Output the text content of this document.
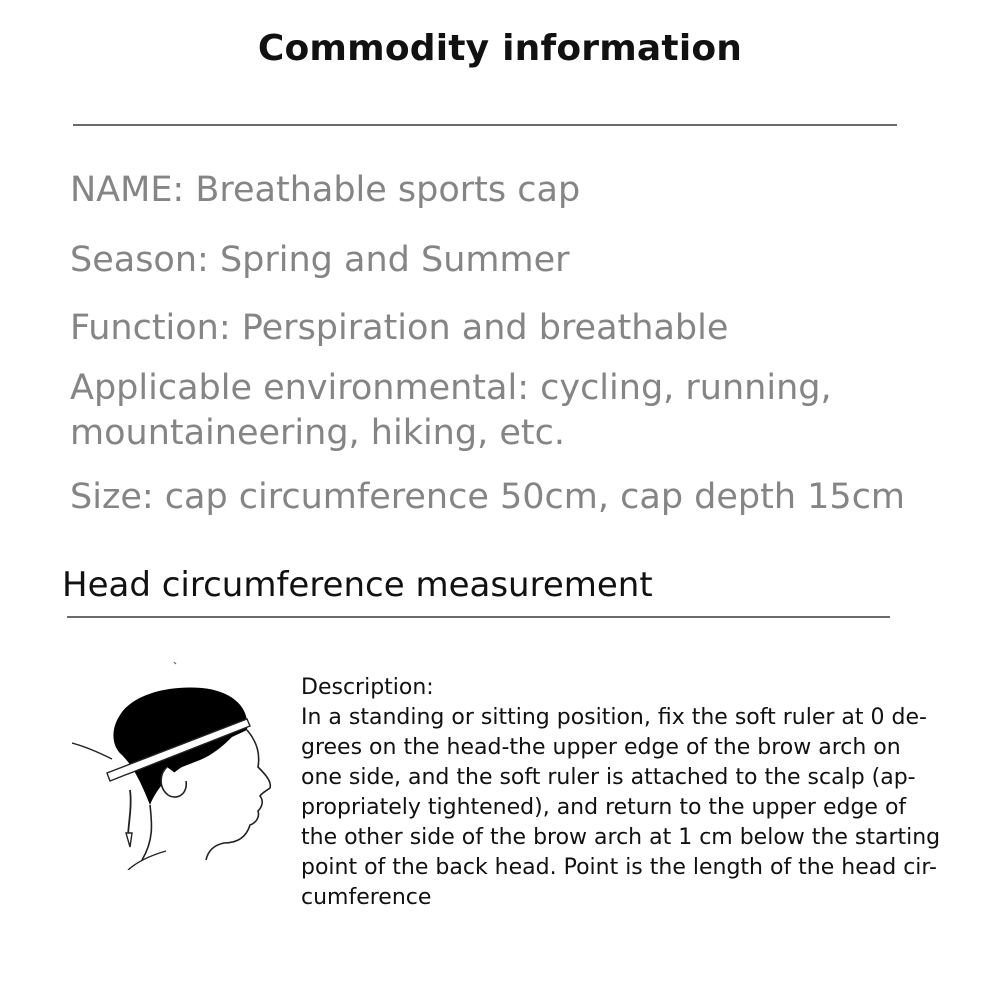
Commodity information
NAME: Breathable sports cap
Season: Spring and Summer
Function: Perspiration and breathable
Applicable environmental: cycling, running,
mountaineering, hiking, etc.
Size: cap circumference 50cm, cap depth 15cm
Head circumference measurement
Description:
In a standing or sitting position, fix the soft ruler at 0 de-
grees on the head-the upper edge of the brow arch on
one side, and the soft ruler is attached to the scalp (ap-
propriately tightened), and return to the upper edge of
the other side of the brow arch at 1 cm below the starting
point of the back head. Point is the length of the head cir-
cumference
